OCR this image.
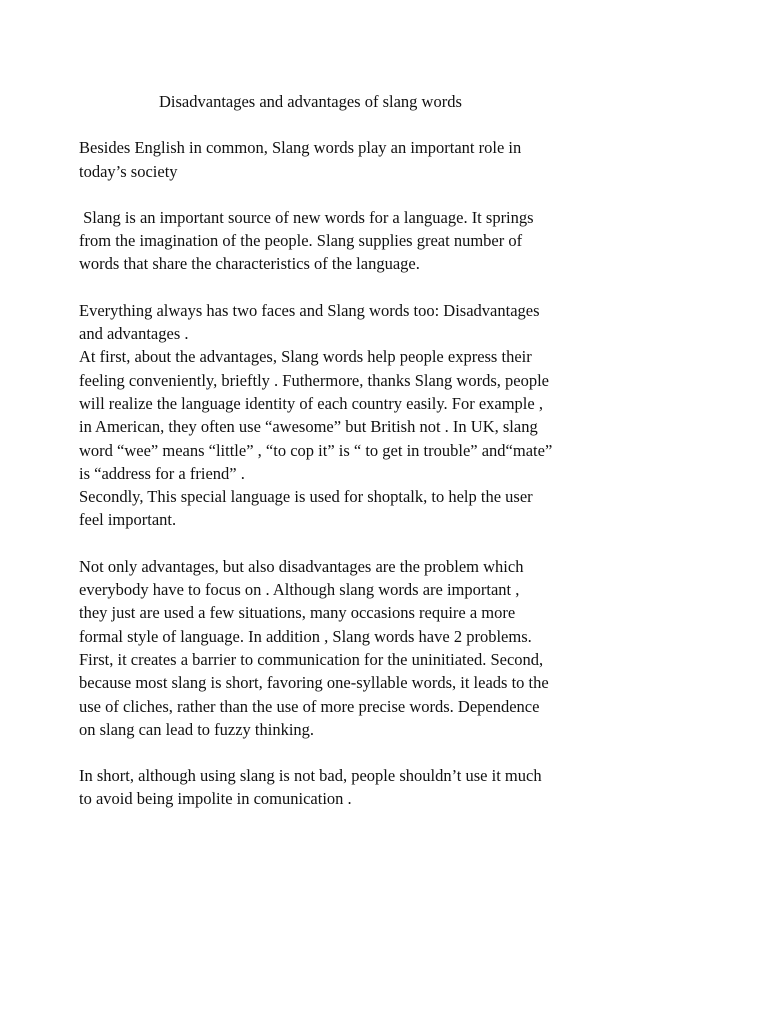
Disadvantages and advantages of slang words
Besides English in common, Slang words play an important role in
today’s society
Slang is an important source of new words for a language. It springs
from the imagination of the people. Slang supplies great number of
words that share the characteristics of the language.
Everything always has two faces and Slang words too: Disadvantages
and advantages .
At first, about the advantages, Slang words help people express their
feeling conveniently, brieftly . Futhermore, thanks Slang words, people
will realize the language identity of each country easily. For example ,
in American, they often use “awesome” but British not . In UK, slang
word “wee” means “little” , “to cop it” is “ to get in trouble” and“mate”
is “address for a friend” .
Secondly, This special language is used for shoptalk, to help the user
feel important.
Not only advantages, but also disadvantages are the problem which
everybody have to focus on . Although slang words are important ,
they just are used a few situations, many occasions require a more
formal style of language. In addition , Slang words have 2 problems.
First, it creates a barrier to communication for the uninitiated. Second,
because most slang is short, favoring one-syllable words, it leads to the
use of cliches, rather than the use of more precise words. Dependence
on slang can lead to fuzzy thinking.
In short, although using slang is not bad, people shouldn’t use it much
to avoid being impolite in comunication .
